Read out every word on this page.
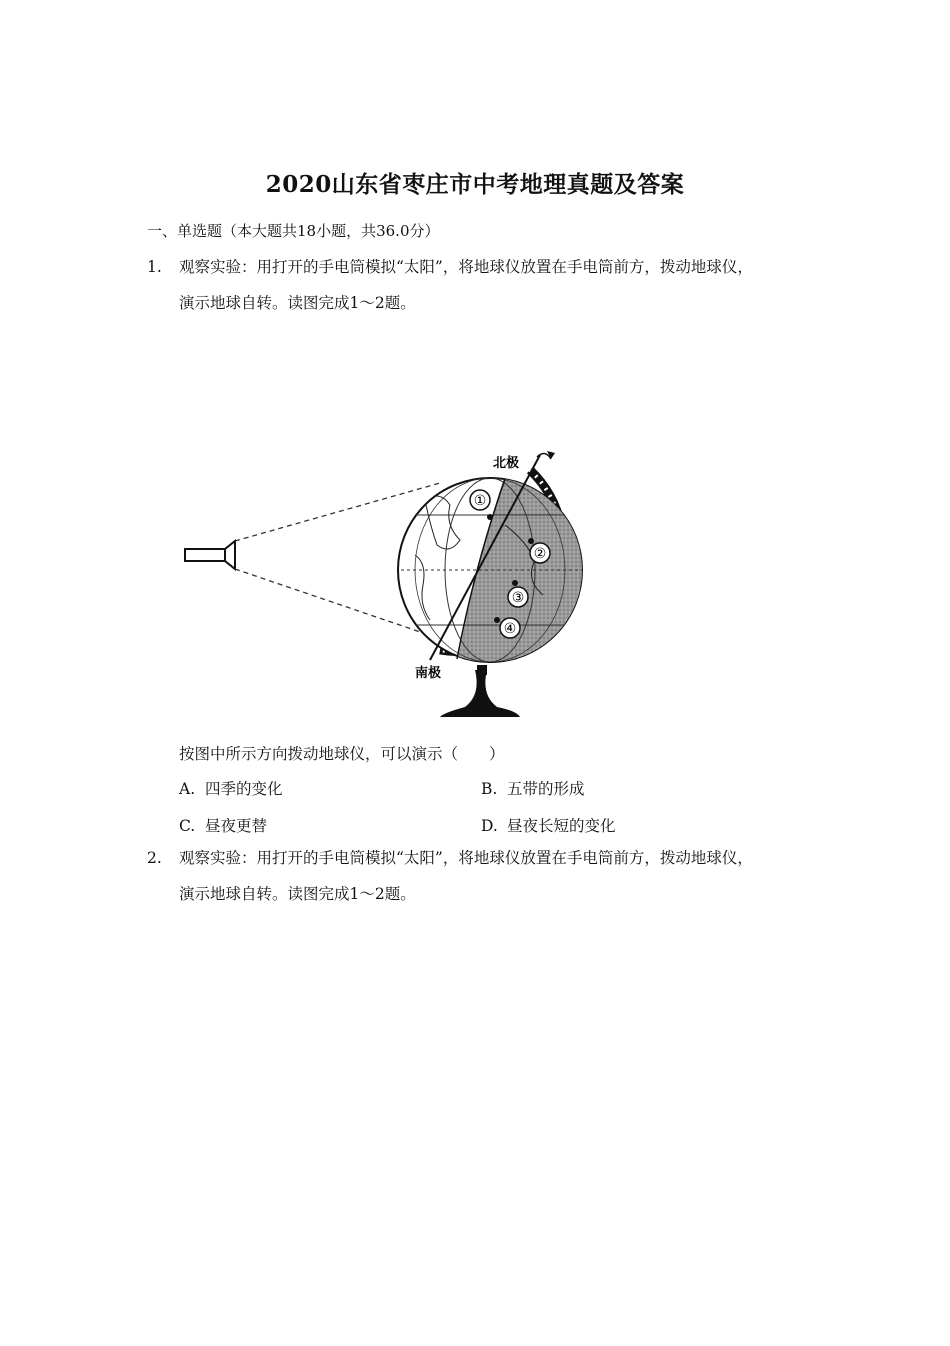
2020山东省枣庄市中考地理真题及答案
一、单选题（本大题共18小题，共36.0分）
1. 观察实验：用打开的手电筒模拟“太阳”，将地球仪放置在手电筒前方，拨动地球仪，
演示地球自转。读图完成1～2题。
①
②
③
④
北极
南极
按图中所示方向拨动地球仪，可以演示（　　）
A. 四季的变化	B. 五带的形成
C. 昼夜更替	D. 昼夜长短的变化
2. 观察实验：用打开的手电筒模拟“太阳”，将地球仪放置在手电筒前方，拨动地球仪，
演示地球自转。读图完成1～2题。
